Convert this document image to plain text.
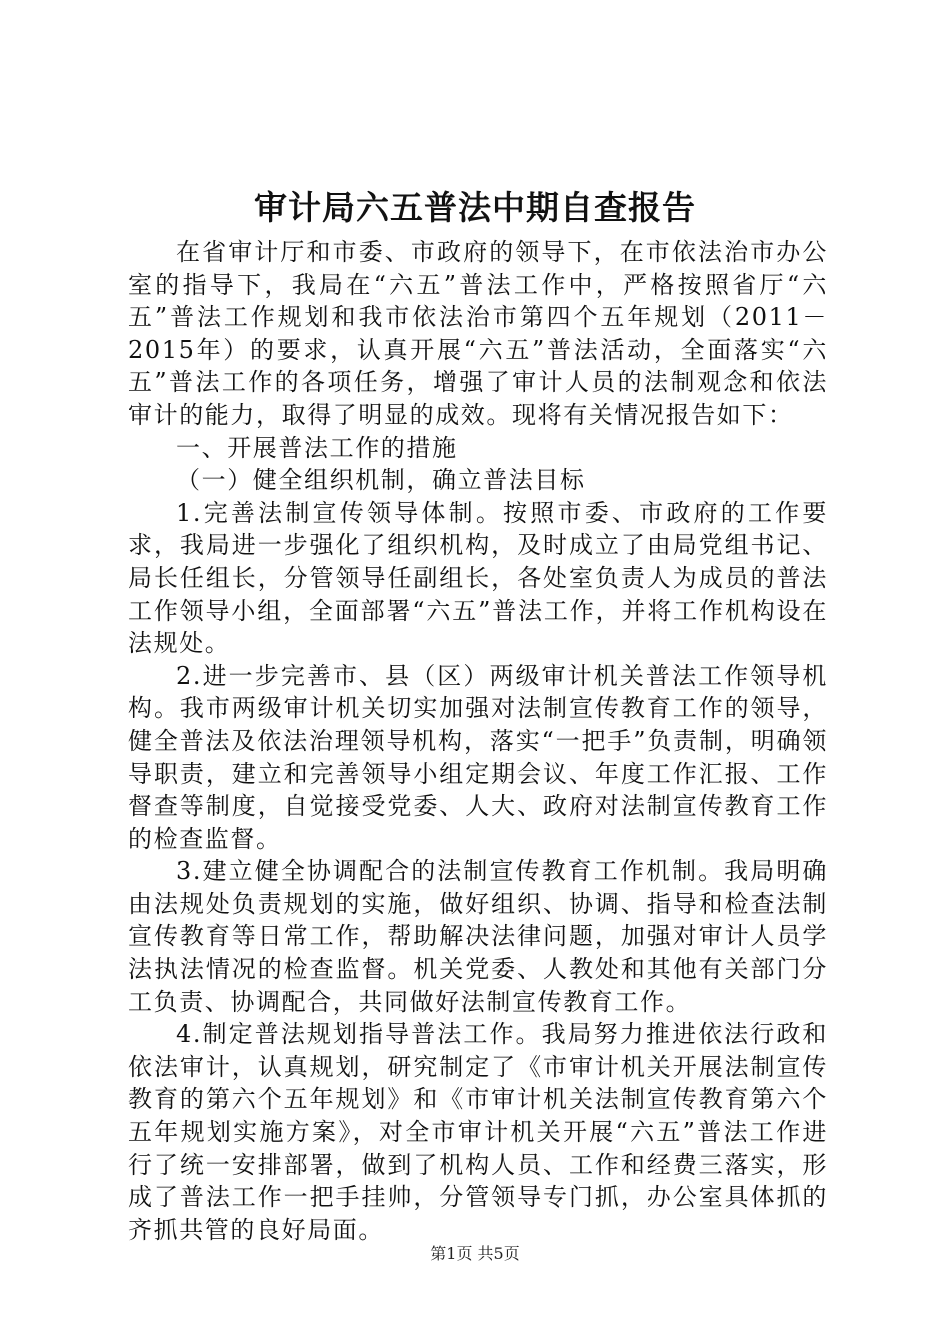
审计局六五普法中期自查报告

在省审计厅和市委、市政府的领导下，在市依法治市办公室的指导下，我局在“六五”普法工作中，严格按照省厅“六五”普法工作规划和我市依法治市第四个五年规划（2011－2015年）的要求，认真开展“六五”普法活动，全面落实“六五”普法工作的各项任务，增强了审计人员的法制观念和依法审计的能力，取得了明显的成效。现将有关情况报告如下：

一、开展普法工作的措施

（一）健全组织机制，确立普法目标

1.完善法制宣传领导体制。按照市委、市政府的工作要求，我局进一步强化了组织机构，及时成立了由局党组书记、局长任组长，分管领导任副组长，各处室负责人为成员的普法工作领导小组，全面部署“六五”普法工作，并将工作机构设在法规处。

2.进一步完善市、县（区）两级审计机关普法工作领导机构。我市两级审计机关切实加强对法制宣传教育工作的领导，健全普法及依法治理领导机构，落实“一把手”负责制，明确领导职责，建立和完善领导小组定期会议、年度工作汇报、工作督查等制度，自觉接受党委、人大、政府对法制宣传教育工作的检查监督。

3.建立健全协调配合的法制宣传教育工作机制。我局明确由法规处负责规划的实施，做好组织、协调、指导和检查法制宣传教育等日常工作，帮助解决法律问题，加强对审计人员学法执法情况的检查监督。机关党委、人教处和其他有关部门分工负责、协调配合，共同做好法制宣传教育工作。

4.制定普法规划指导普法工作。我局努力推进依法行政和依法审计，认真规划，研究制定了《市审计机关开展法制宣传教育的第六个五年规划》和《市审计机关法制宣传教育第六个五年规划实施方案》，对全市审计机关开展“六五”普法工作进行了统一安排部署，做到了机构人员、工作和经费三落实，形成了普法工作一把手挂帅，分管领导专门抓，办公室具体抓的齐抓共管的良好局面。

第1页 共5页
